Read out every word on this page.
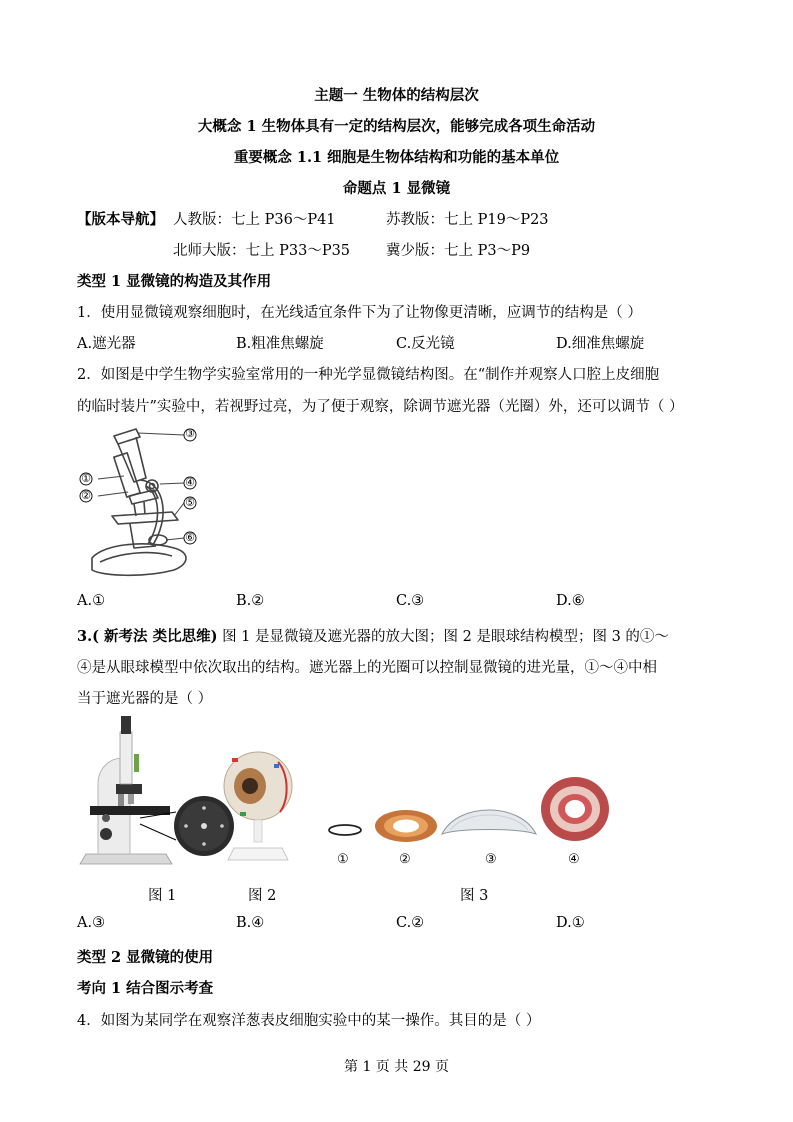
主题一 生物体的结构层次
大概念 1 生物体具有一定的结构层次，能够完成各项生命活动
重要概念 1.1 细胞是生物体结构和功能的基本单位
命题点 1 显微镜
【版本导航】 人教版：七上 P36～P41	苏教版：七上 P19～P23
北师大版：七上 P33～P35 冀少版：七上 P3～P9
类型 1 显微镜的构造及其作用
1．使用显微镜观察细胞时，在光线适宜条件下为了让物像更清晰，应调节的结构是（ ）
A.遮光器	B.粗准焦螺旋	C.反光镜	D.细准焦螺旋
2．如图是中学生物学实验室常用的一种光学显微镜结构图。在“制作并观察人口腔上皮细胞
的临时装片”实验中，若视野过亮，为了便于观察，除调节遮光器（光圈）外，还可以调节（ ）
③
①
②
④
⑤
⑥
A.①	B.②	C.③	D.⑥
3.( 新考法 类比思维) 图 1 是显微镜及遮光器的放大图；图 2 是眼球结构模型；图 3 的①～
④是从眼球模型中依次取出的结构。遮光器上的光圈可以控制显微镜的进光量，①～④中相
当于遮光器的是（ ）
①	②	③	④
图 1	图 2	图 3
A.③	B.④	C.②	D.①
类型 2 显微镜的使用
考向 1 结合图示考查
4．如图为某同学在观察洋葱表皮细胞实验中的某一操作。其目的是（ ）
第 1 页 共 29 页
